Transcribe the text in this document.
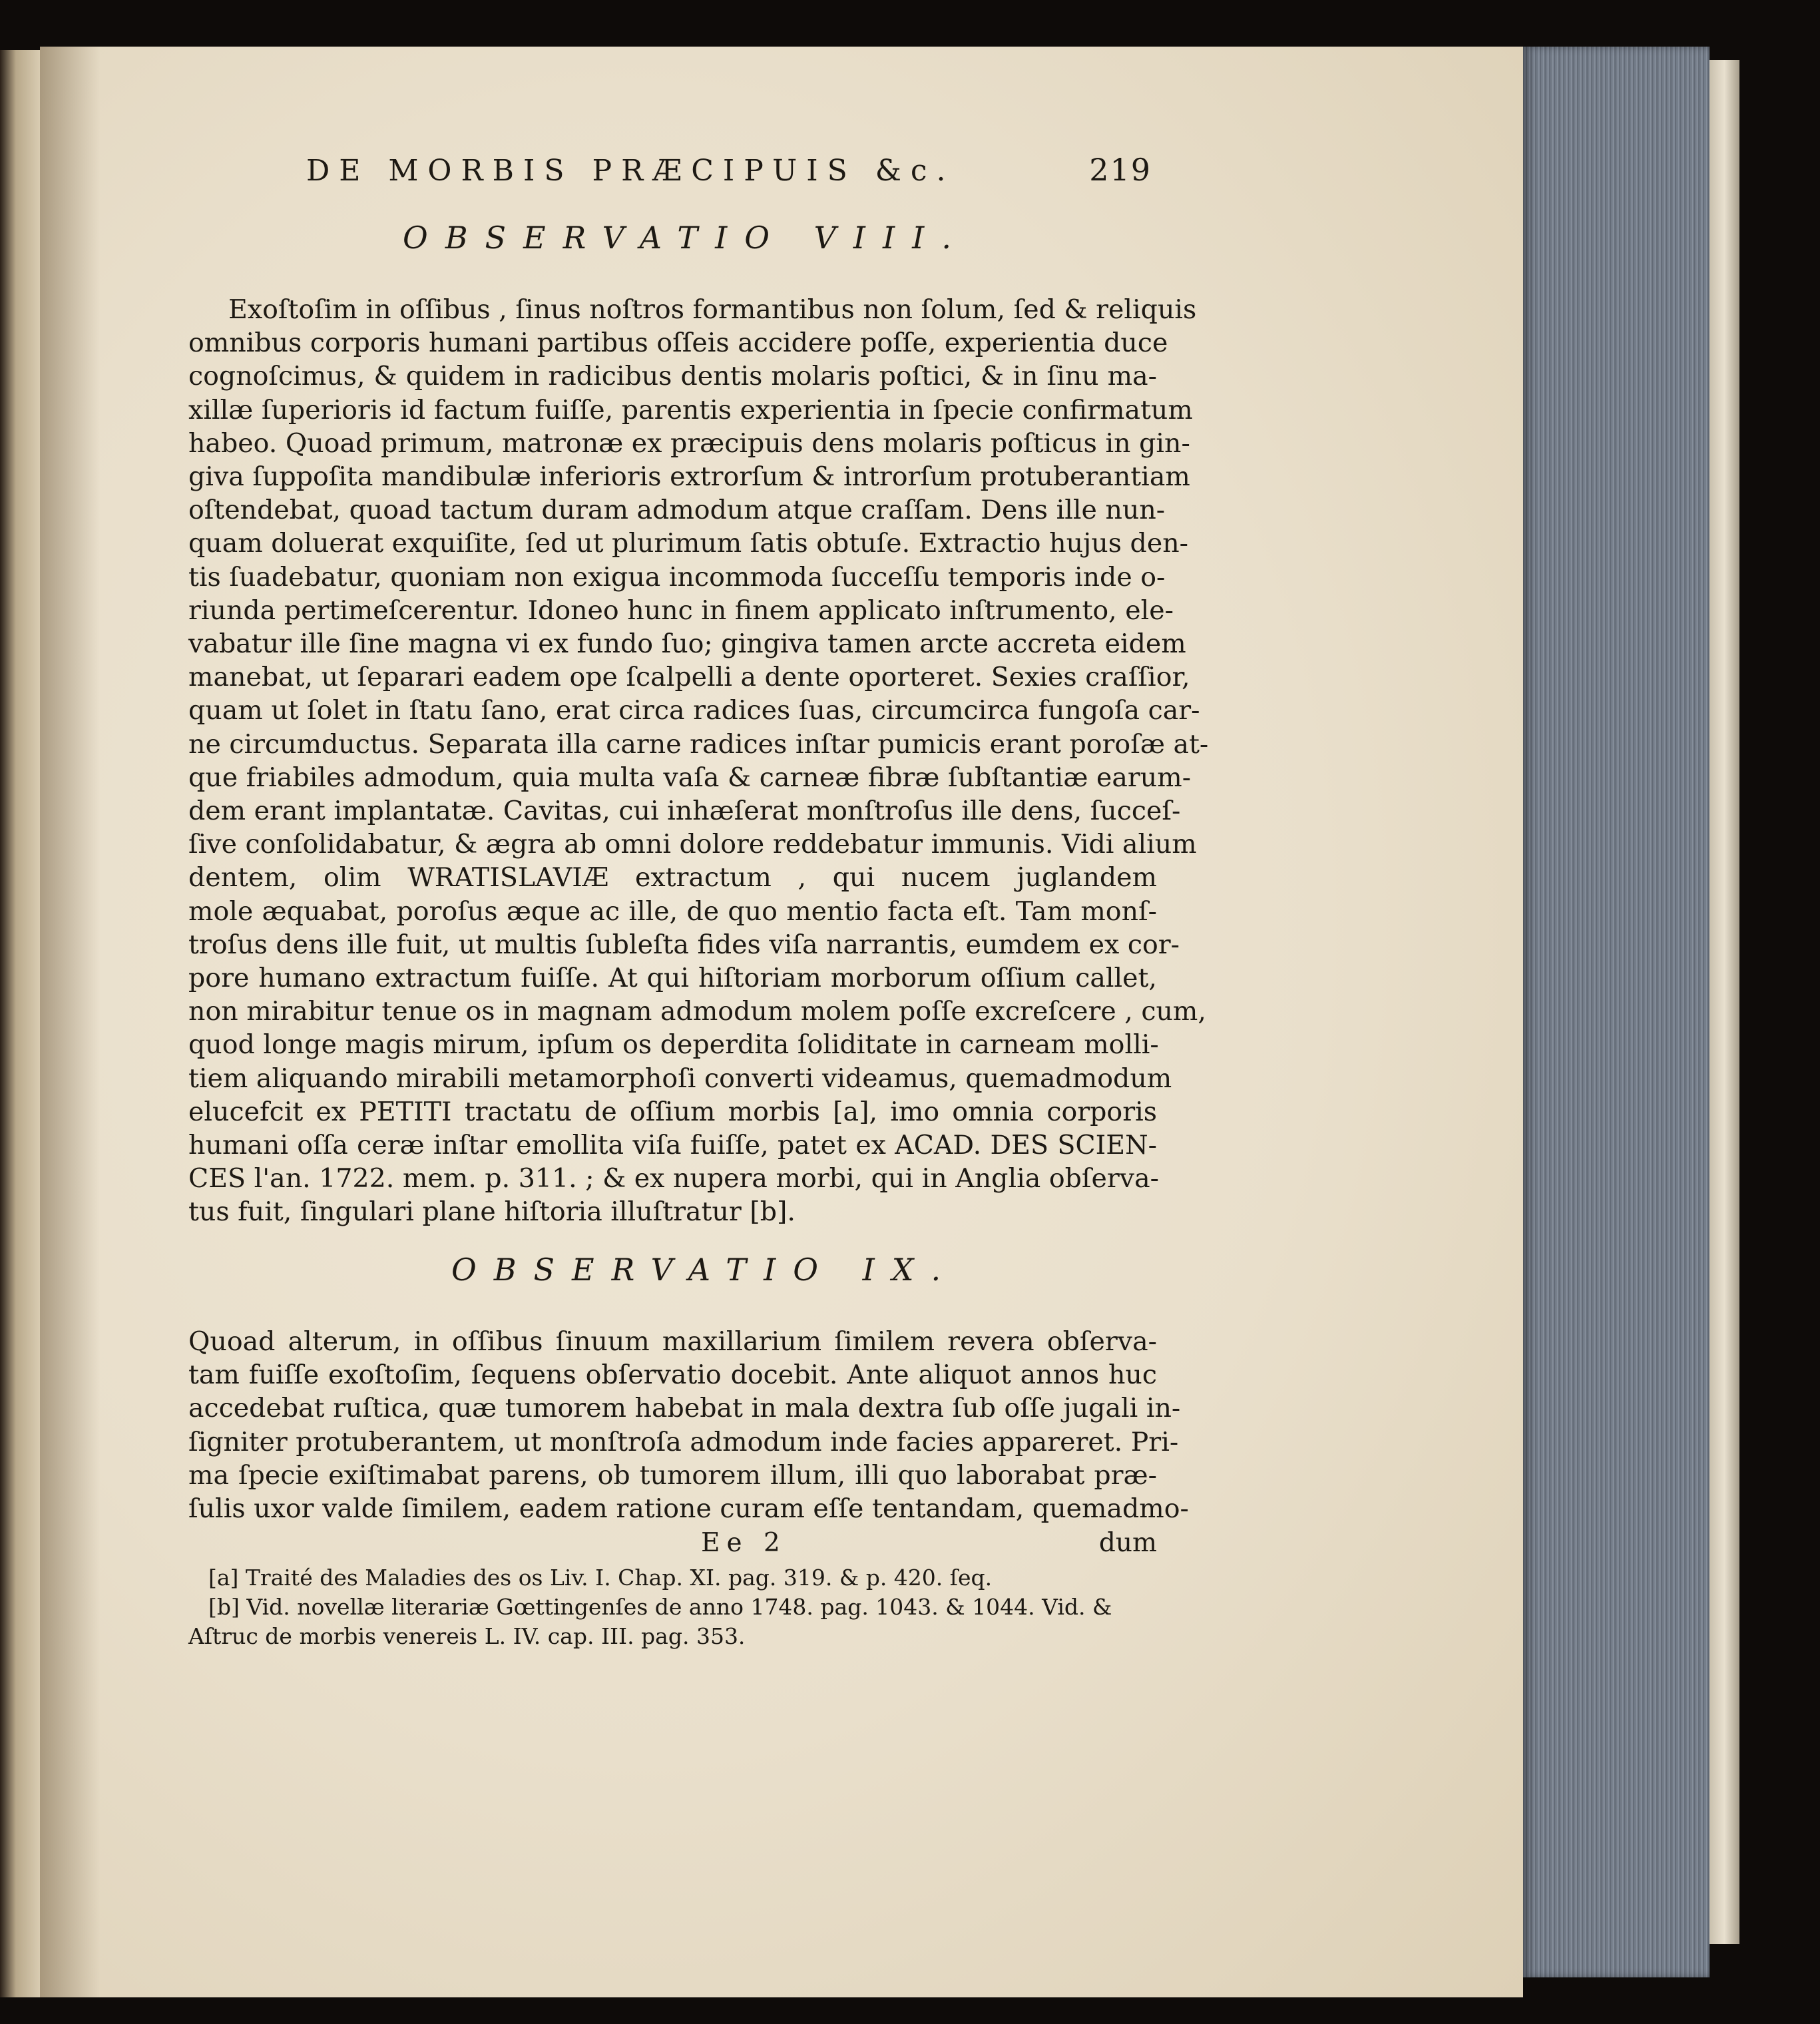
DE MORBIS PRÆCIPUIS &c.	219
OBSERVATIO VIII.
Exoſtoſim in oſſibus , ſinus noſtros formantibus non ſolum, ſed & reliquis
omnibus corporis humani partibus oſſeis accidere poſſe, experientia duce
cognoſcimus, & quidem in radicibus dentis molaris poſtici, & in ſinu ma-
xillæ ſuperioris id factum fuiſſe, parentis experientia in ſpecie confirmatum
habeo. Quoad primum, matronæ ex præcipuis dens molaris poſticus in gin-
giva ſuppoſita mandibulæ inferioris extrorſum & introrſum protuberantiam
oſtendebat, quoad tactum duram admodum atque craſſam. Dens ille nun-
quam doluerat exquiſite, ſed ut plurimum ſatis obtuſe. Extractio hujus den-
tis ſuadebatur, quoniam non exigua incommoda ſucceſſu temporis inde o-
riunda pertimeſcerentur. Idoneo hunc in finem applicato inſtrumento, ele-
vabatur ille ſine magna vi ex fundo ſuo; gingiva tamen arcte accreta eidem
manebat, ut ſeparari eadem ope ſcalpelli a dente oporteret. Sexies craſſior,
quam ut ſolet in ſtatu ſano, erat circa radices ſuas, circumcirca fungoſa car-
ne circumductus. Separata illa carne radices inſtar pumicis erant poroſæ at-
que friabiles admodum, quia multa vaſa & carneæ fibræ ſubſtantiæ earum-
dem erant implantatæ. Cavitas, cui inhæſerat monſtroſus ille dens, ſucceſ-
ſive conſolidabatur, & ægra ab omni dolore reddebatur immunis. Vidi alium
dentem, olim WRATISLAVIÆ extractum , qui nucem juglandem
mole æquabat, poroſus æque ac ille, de quo mentio facta eſt. Tam monſ-
troſus dens ille fuit, ut multis ſubleſta fides viſa narrantis, eumdem ex cor-
pore humano extractum fuiſſe. At qui hiſtoriam morborum oſſium callet,
non mirabitur tenue os in magnam admodum molem poſſe excreſcere , cum,
quod longe magis mirum, ipſum os deperdita ſoliditate in carneam molli-
tiem aliquando mirabili metamorphoſi converti videamus, quemadmodum
elucefcit ex PETITI tractatu de oſſium morbis [a], imo omnia corporis
humani oſſa ceræ inſtar emollita viſa fuiſſe, patet ex ACAD. DES SCIEN-
CES l'an. 1722. mem. p. 311. ; & ex nupera morbi, qui in Anglia obſerva-
tus fuit, ſingulari plane hiſtoria illuſtratur [b].
OBSERVATIO IX.
Quoad alterum, in oſſibus ſinuum maxillarium ſimilem revera obſerva-
tam fuiſſe exoſtoſim, ſequens obſervatio docebit. Ante aliquot annos huc
accedebat ruſtica, quæ tumorem habebat in mala dextra ſub oſſe jugali in-
ſigniter protuberantem, ut monſtroſa admodum inde facies appareret. Pri-
ma ſpecie exiſtimabat parens, ob tumorem illum, illi quo laborabat præ-
ſulis uxor valde ſimilem, eadem ratione curam eſſe tentandam, quemadmo-
Ee 2	dum
[a] Traité des Maladies des os Liv. I. Chap. XI. pag. 319. & p. 420. ſeq.
[b] Vid. novellæ literariæ Gœttingenſes de anno 1748. pag. 1043. & 1044. Vid. &
Aſtruc de morbis venereis L. IV. cap. III. pag. 353.
